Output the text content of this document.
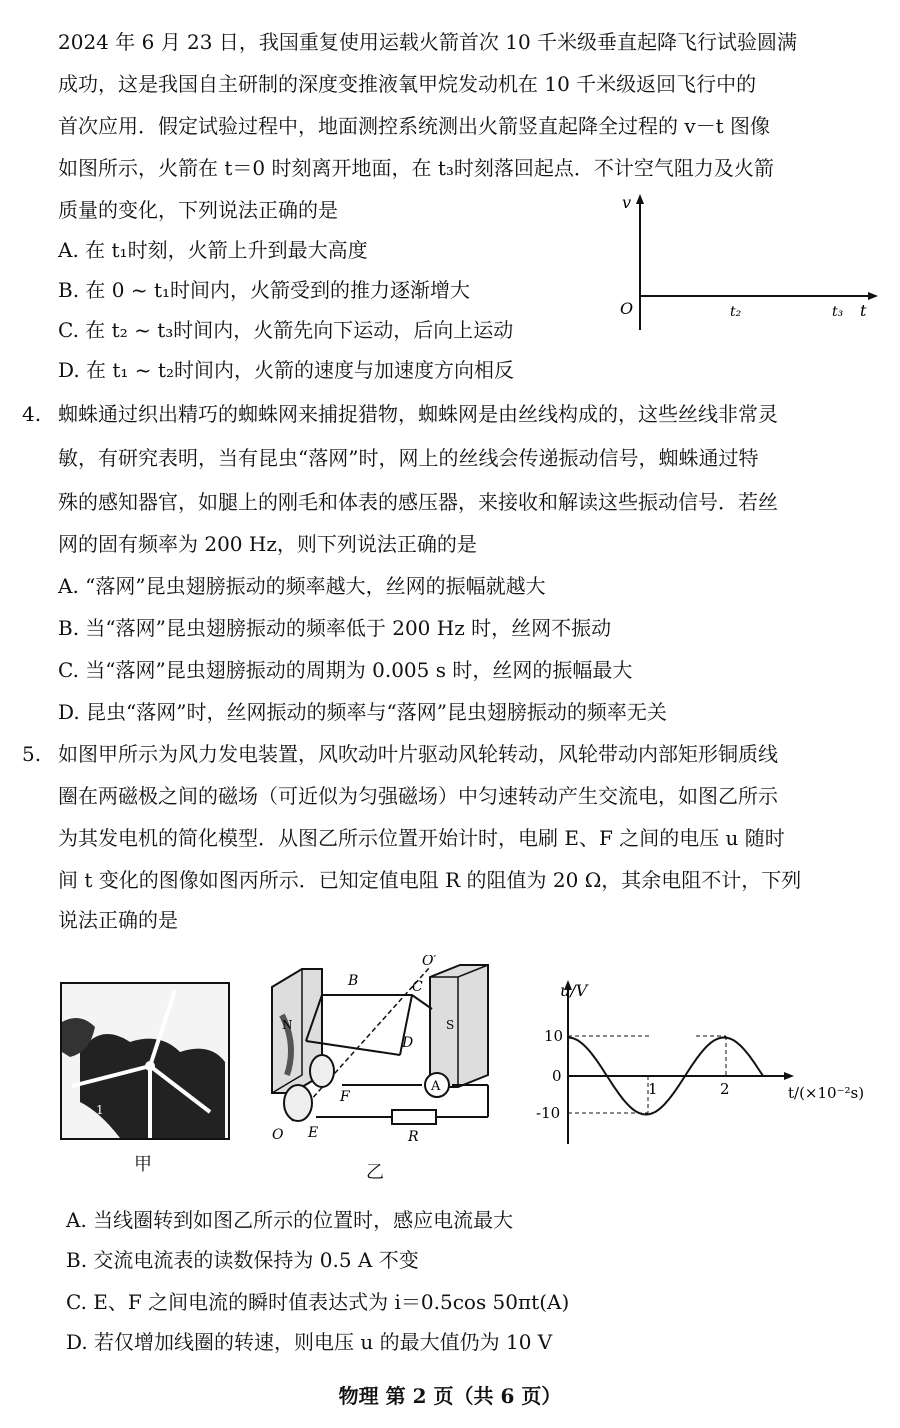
2024 年 6 月 23 日，我国重复使用运载火箭首次 10 千米级垂直起降飞行试验圆满
成功，这是我国自主研制的深度变推液氧甲烷发动机在 10 千米级返回飞行中的
首次应用．假定试验过程中，地面测控系统测出火箭竖直起降全过程的 v－t 图像
如图所示，火箭在 t＝0 时刻离开地面，在 t₃时刻落回起点．不计空气阻力及火箭
质量的变化，下列说法正确的是
A. 在 t₁时刻，火箭上升到最大高度
B. 在 0 ~ t₁时间内，火箭受到的推力逐渐增大
C. 在 t₂ ~ t₃时间内，火箭先向下运动，后向上运动
D. 在 t₁ ~ t₂时间内，火箭的速度与加速度方向相反
v
O	t₂	t₃ t
4. 蜘蛛通过织出精巧的蜘蛛网来捕捉猎物，蜘蛛网是由丝线构成的，这些丝线非常灵
敏，有研究表明，当有昆虫“落网”时，网上的丝线会传递振动信号，蜘蛛通过特
殊的感知器官，如腿上的刚毛和体表的感压器，来接收和解读这些振动信号．若丝
网的固有频率为 200 Hz，则下列说法正确的是
A. “落网”昆虫翅膀振动的频率越大，丝网的振幅就越大
B. 当“落网”昆虫翅膀振动的频率低于 200 Hz 时，丝网不振动
C. 当“落网”昆虫翅膀振动的周期为 0.005 s 时，丝网的振幅最大
D. 昆虫“落网”时，丝网振动的频率与“落网”昆虫翅膀振动的频率无关
5. 如图甲所示为风力发电装置，风吹动叶片驱动风轮转动，风轮带动内部矩形铜质线
圈在两磁极之间的磁场（可近似为匀强磁场）中匀速转动产生交流电，如图乙所示
为其发电机的简化模型．从图乙所示位置开始计时，电刷 E、F 之间的电压 u 随时
间 t 变化的图像如图丙所示．已知定值电阻 R 的阻值为 20 Ω，其余电阻不计，下列
说法正确的是
1
甲
N	S
A
B	C
O′
D
F
E
O	R
乙
u/V
t/(×10⁻²s)
10
0
-10
1	2
A. 当线圈转到如图乙所示的位置时，感应电流最大
B. 交流电流表的读数保持为 0.5 A 不变
C. E、F 之间电流的瞬时值表达式为 i＝0.5cos 50πt(A)
D. 若仅增加线圈的转速，则电压 u 的最大值仍为 10 V
物理 第 2 页（共 6 页）
